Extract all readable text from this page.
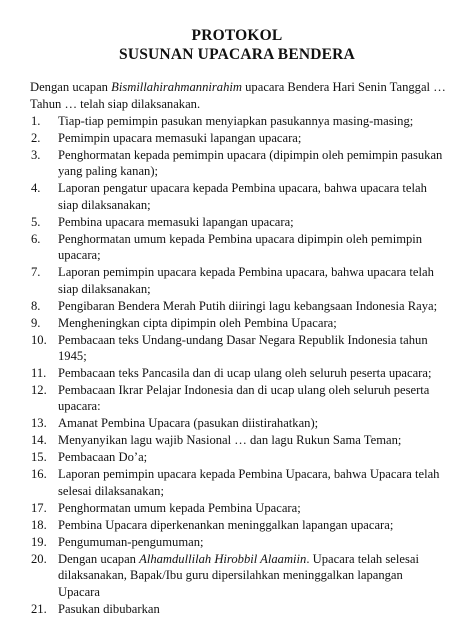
PROTOKOL
SUSUNAN UPACARA BENDERA
Dengan ucapan Bismillahirahmannirahim upacara Bendera Hari Senin Tanggal … Tahun … telah siap dilaksanakan.
1. Tiap-tiap pemimpin pasukan menyiapkan pasukannya masing-masing;
2. Pemimpin upacara memasuki lapangan upacara;
3. Penghormatan kepada pemimpin upacara (dipimpin oleh pemimpin pasukan yang paling kanan);
4. Laporan pengatur upacara kepada Pembina upacara, bahwa upacara telah siap dilaksanakan;
5. Pembina upacara memasuki lapangan upacara;
6. Penghormatan umum kepada Pembina upacara dipimpin oleh pemimpin upacara;
7. Laporan pemimpin upacara kepada Pembina upacara, bahwa upacara telah siap dilaksanakan;
8. Pengibaran Bendera Merah Putih diiringi lagu kebangsaan Indonesia Raya;
9. Mengheningkan cipta dipimpin oleh Pembina Upacara;
10. Pembacaan teks Undang-undang Dasar Negara Republik Indonesia tahun 1945;
11. Pembacaan teks Pancasila dan di ucap ulang oleh seluruh peserta upacara;
12. Pembacaan Ikrar Pelajar Indonesia dan di ucap ulang oleh seluruh peserta upacara:
13. Amanat Pembina Upacara (pasukan diistirahatkan);
14. Menyanyikan lagu wajib Nasional … dan lagu Rukun Sama Teman;
15. Pembacaan Do’a;
16. Laporan pemimpin upacara kepada Pembina Upacara, bahwa Upacara telah selesai dilaksanakan;
17. Penghormatan umum kepada Pembina Upacara;
18. Pembina Upacara diperkenankan meninggalkan lapangan upacara;
19. Pengumuman-pengumuman;
20. Dengan ucapan Alhamdullilah Hirobbil Alaamiin. Upacara telah selesai dilaksanakan, Bapak/Ibu guru dipersilahkan meninggalkan lapangan Upacara
21. Pasukan dibubarkan
